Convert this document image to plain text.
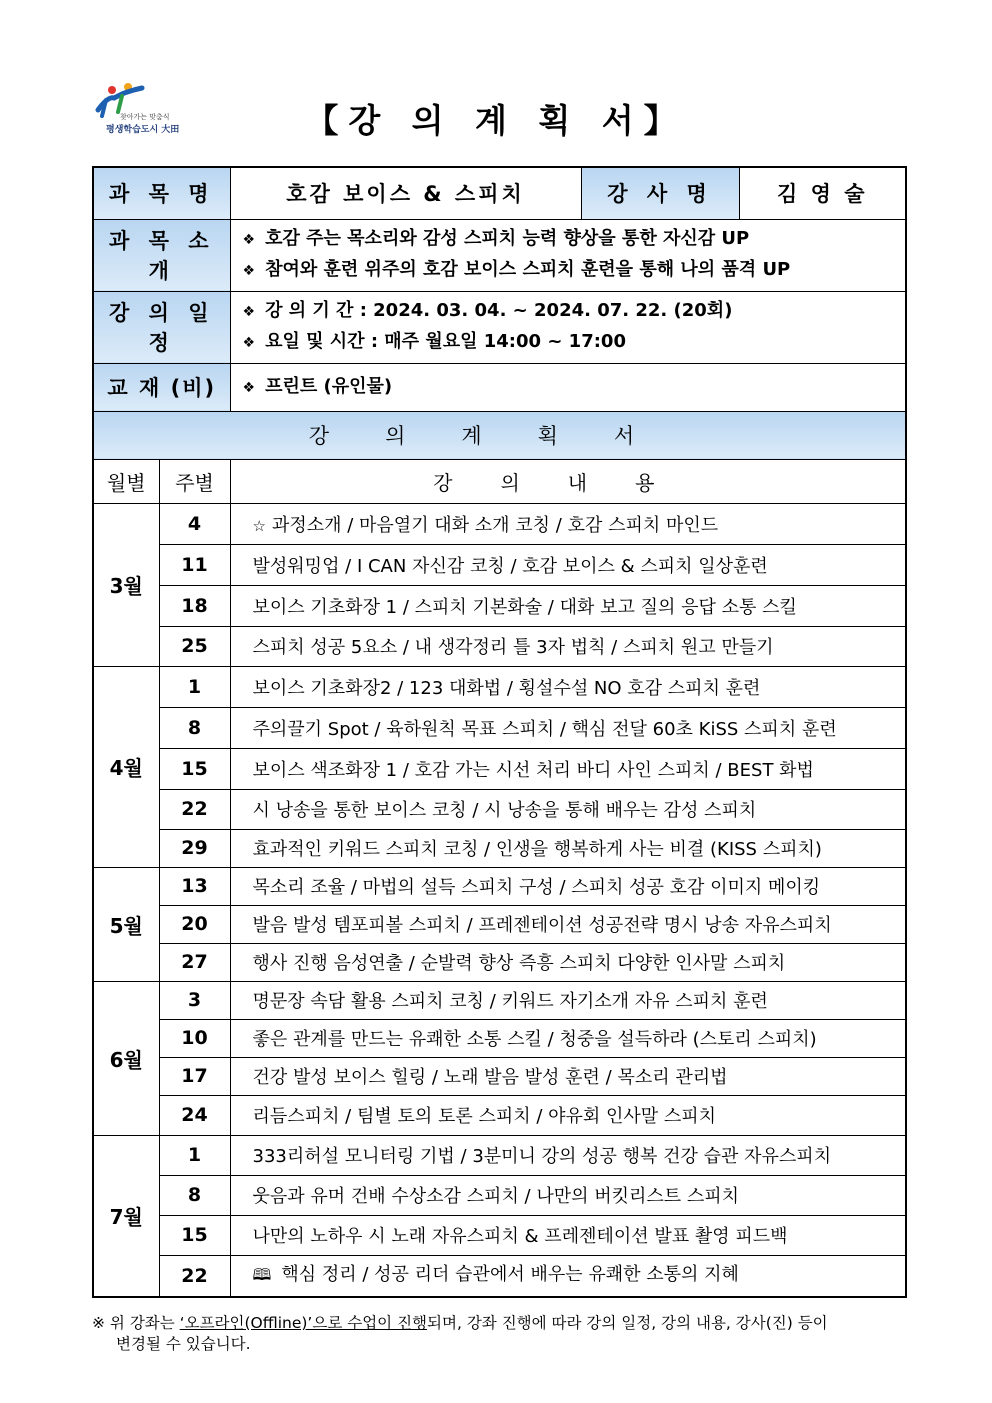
찾아가는 맞춤식
평생학습도시 大田	【강 의 계 획 서】
과 목 명		호감 보이스 & 스피치	강 사 명	김 영 술
과 목 소 개		❖ 호감 주는 목소리와 감성 스피치 능력 향상을 통한 자신감 UP
❖ 참여와 훈련 위주의 호감 보이스 스피치 훈련을 통해 나의 품격 UP		

강 의 일 정		❖ 강 의 기 간 : 2024. 03. 04. ~ 2024. 07. 22. (20회)
❖ 요일 및 시간 : 매주 월요일 14:00 ~ 17:00		

교 재 (비)		❖ 프린트 (유인물)		
강의계획서				
월별	주별	강의내용		
3월	4	☆ 과정소개 / 마음열기 대화 소개 코칭 / 호감 스피치 마인드		
	11	발성워밍업 / I CAN 자신감 코칭 / 호감 보이스 & 스피치 일상훈련		
	18	보이스 기초화장 1 / 스피치 기본화술 / 대화 보고 질의 응답 소통 스킬		
	25	스피치 성공 5요소 / 내 생각정리 틀 3자 법칙 / 스피치 원고 만들기		
4월	1	보이스 기초화장2 / 123 대화법 / 횡설수설 NO 호감 스피치 훈련		
	8	주의끌기 Spot / 육하원칙 목표 스피치 / 핵심 전달 60초 KiSS 스피치 훈련		
	15	보이스 색조화장 1 / 호감 가는 시선 처리 바디 사인 스피치 / BEST 화법		
	22	시 낭송을 통한 보이스 코칭 / 시 낭송을 통해 배우는 감성 스피치		
	29	효과적인 키워드 스피치 코칭 / 인생을 행복하게 사는 비결 (KISS 스피치)		
5월	13	목소리 조율 / 마법의 설득 스피치 구성 / 스피치 성공 호감 이미지 메이킹		
	20	발음 발성 템포피볼 스피치 / 프레젠테이션 성공전략 명시 낭송 자유스피치		
	27	행사 진행 음성연출 / 순발력 향상 즉흥 스피치 다양한 인사말 스피치		
6월	3	명문장 속담 활용 스피치 코칭 / 키워드 자기소개 자유 스피치 훈련		
	10	좋은 관계를 만드는 유쾌한 소통 스킬 / 청중을 설득하라 (스토리 스피치)		
	17	건강 발성 보이스 힐링 / 노래 발음 발성 훈련 / 목소리 관리법		
	24	리듬스피치 / 팀별 토의 토론 스피치 / 야유회 인사말 스피치		
7월	1	333리허설 모니터링 기법 / 3분미니 강의 성공 행복 건강 습관 자유스피치		
	8	웃음과 유머 건배 수상소감 스피치 / 나만의 버킷리스트 스피치		
	15	나만의 노하우 시 노래 자유스피치 & 프레젠테이션 발표 촬영 피드백		
	22	🕮 핵심 정리 / 성공 리더 습관에서 배우는 유쾌한 소통의 지혜		
※ 위 강좌는 ‘오프라인(Offline)’으로 수업이 진행되며, 강좌 진행에 따라 강의 일정, 강의 내용, 강사(진) 등이
변경될 수 있습니다.
